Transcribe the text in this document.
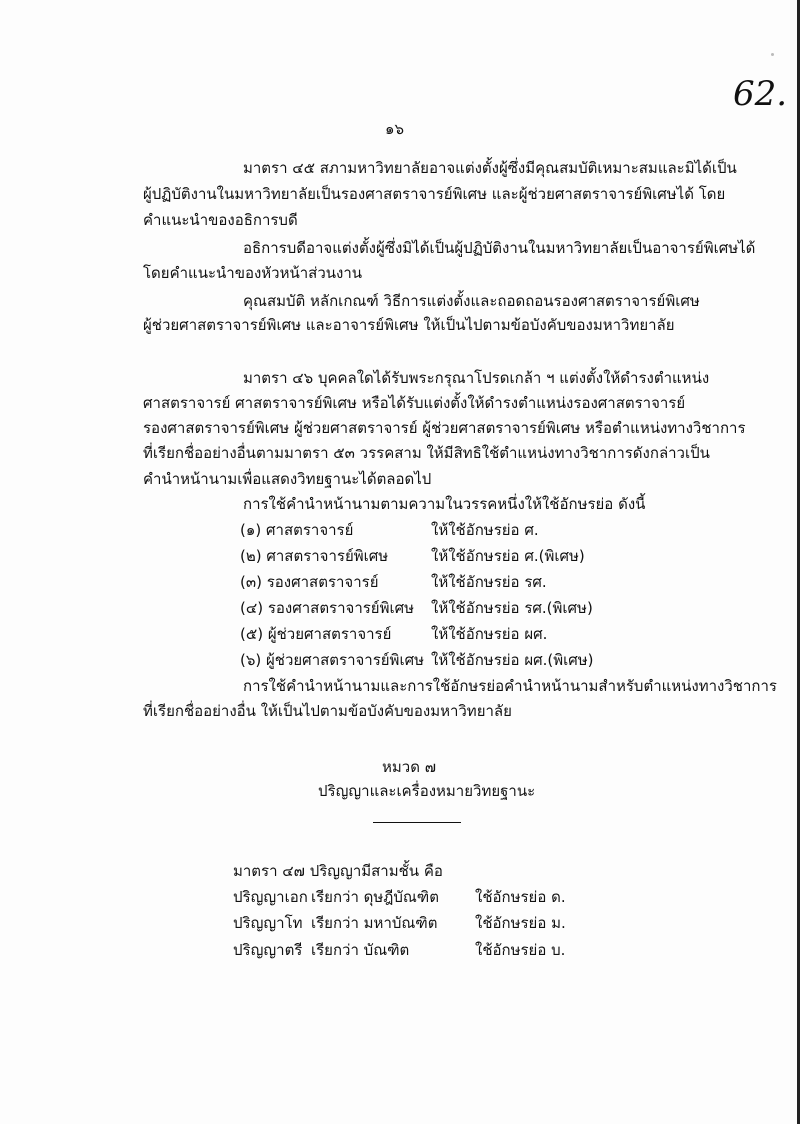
62.
๑๖
มาตรา ๔๕ สภามหาวิทยาลัยอาจแต่งตั้งผู้ซึ่งมีคุณสมบัติเหมาะสมและมิได้เป็น
ผู้ปฏิบัติงานในมหาวิทยาลัยเป็นรองศาสตราจารย์พิเศษ และผู้ช่วยศาสตราจารย์พิเศษได้ โดย
คำแนะนำของอธิการบดี
อธิการบดีอาจแต่งตั้งผู้ซึ่งมิได้เป็นผู้ปฏิบัติงานในมหาวิทยาลัยเป็นอาจารย์พิเศษได้
โดยคำแนะนำของหัวหน้าส่วนงาน
คุณสมบัติ หลักเกณฑ์ วิธีการแต่งตั้งและถอดถอนรองศาสตราจารย์พิเศษ
ผู้ช่วยศาสตราจารย์พิเศษ และอาจารย์พิเศษ ให้เป็นไปตามข้อบังคับของมหาวิทยาลัย
มาตรา ๔๖ บุคคลใดได้รับพระกรุณาโปรดเกล้า ฯ แต่งตั้งให้ดำรงตำแหน่ง
ศาสตราจารย์ ศาสตราจารย์พิเศษ หรือได้รับแต่งตั้งให้ดำรงตำแหน่งรองศาสตราจารย์
รองศาสตราจารย์พิเศษ ผู้ช่วยศาสตราจารย์ ผู้ช่วยศาสตราจารย์พิเศษ หรือตำแหน่งทางวิชาการ
ที่เรียกชื่ออย่างอื่นตามมาตรา ๕๓ วรรคสาม ให้มีสิทธิใช้ตำแหน่งทางวิชาการดังกล่าวเป็น
คำนำหน้านามเพื่อแสดงวิทยฐานะได้ตลอดไป
การใช้คำนำหน้านามตามความในวรรคหนึ่งให้ใช้อักษรย่อ ดังนี้
(๑) ศาสตราจารย์	ให้ใช้อักษรย่อ ศ.
(๒) ศาสตราจารย์พิเศษ	ให้ใช้อักษรย่อ ศ.(พิเศษ)
(๓) รองศาสตราจารย์	ให้ใช้อักษรย่อ รศ.
(๔) รองศาสตราจารย์พิเศษ ให้ใช้อักษรย่อ รศ.(พิเศษ)
(๕) ผู้ช่วยศาสตราจารย์	ให้ใช้อักษรย่อ ผศ.
(๖) ผู้ช่วยศาสตราจารย์พิเศษ ให้ใช้อักษรย่อ ผศ.(พิเศษ)
การใช้คำนำหน้านามและการใช้อักษรย่อคำนำหน้านามสำหรับตำแหน่งทางวิชาการ
ที่เรียกชื่ออย่างอื่น ให้เป็นไปตามข้อบังคับของมหาวิทยาลัย
หมวด ๗
ปริญญาและเครื่องหมายวิทยฐานะ
มาตรา ๔๗ ปริญญามีสามชั้น คือ
ปริญญาเอก เรียกว่า ดุษฎีบัณฑิต ใช้อักษรย่อ ด.
ปริญญาโท เรียกว่า มหาบัณฑิต	ใช้อักษรย่อ ม.
ปริญญาตรี เรียกว่า บัณฑิต	ใช้อักษรย่อ บ.
